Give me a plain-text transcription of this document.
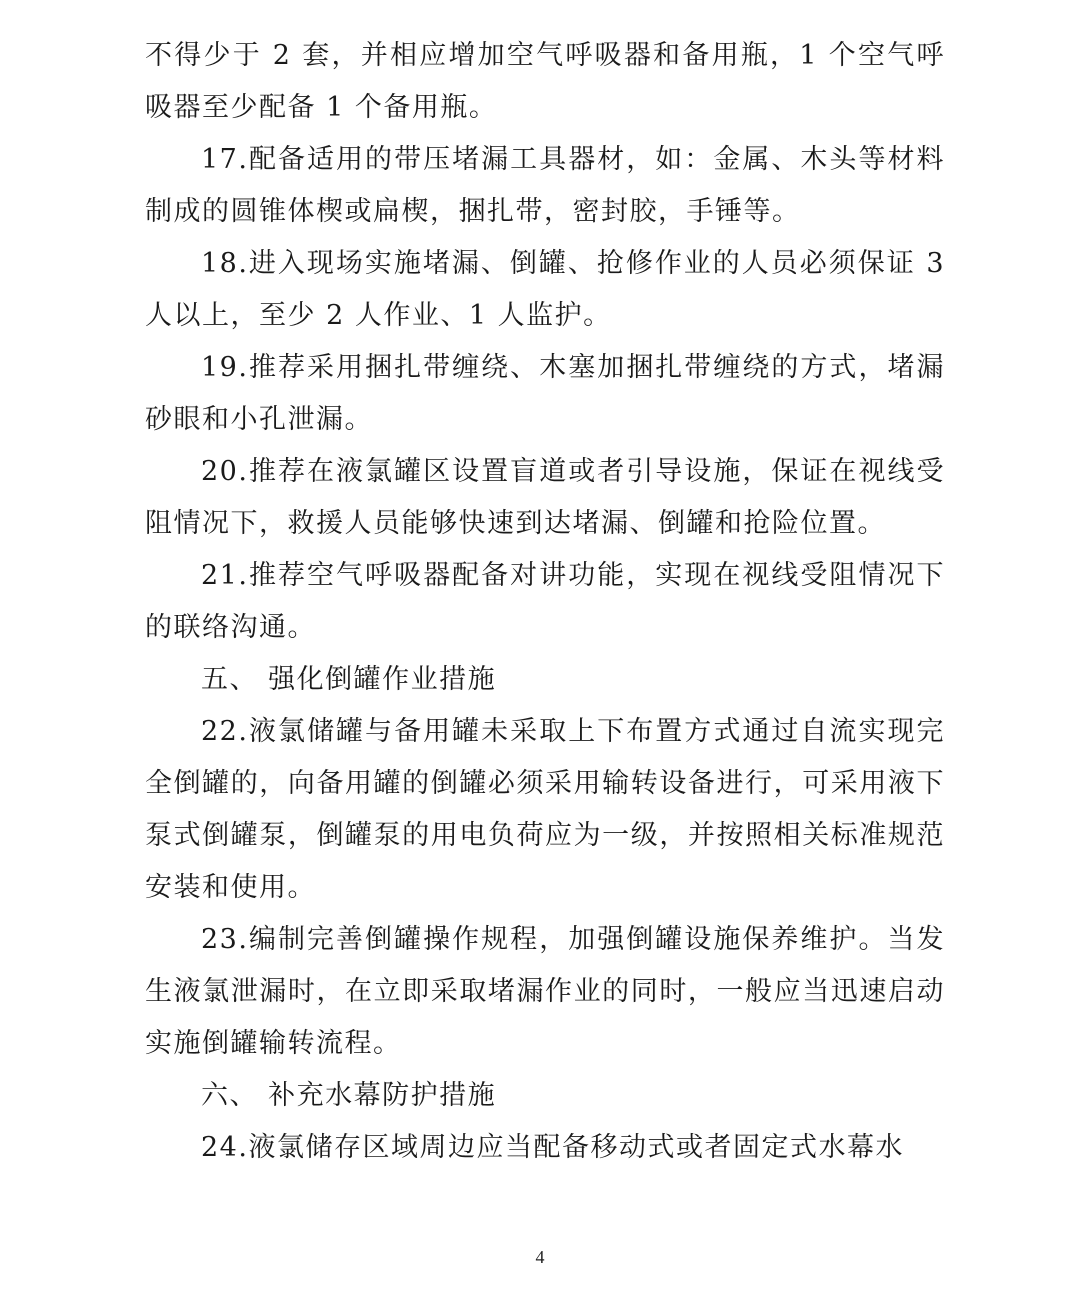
不得少于 2 套，并相应增加空气呼吸器和备用瓶，1 个空气呼吸器至少配备 1 个备用瓶。

17.配备适用的带压堵漏工具器材，如：金属、木头等材料制成的圆锥体楔或扁楔，捆扎带，密封胶，手锤等。

18.进入现场实施堵漏、倒罐、抢修作业的人员必须保证 3 人以上，至少 2 人作业、1 人监护。

19.推荐采用捆扎带缠绕、木塞加捆扎带缠绕的方式，堵漏砂眼和小孔泄漏。

20.推荐在液氯罐区设置盲道或者引导设施，保证在视线受阻情况下，救援人员能够快速到达堵漏、倒罐和抢险位置。

21.推荐空气呼吸器配备对讲功能，实现在视线受阻情况下的联络沟通。

五、 强化倒罐作业措施

22.液氯储罐与备用罐未采取上下布置方式通过自流实现完全倒罐的，向备用罐的倒罐必须采用输转设备进行，可采用液下泵式倒罐泵，倒罐泵的用电负荷应为一级，并按照相关标准规范安装和使用。

23.编制完善倒罐操作规程，加强倒罐设施保养维护。当发生液氯泄漏时，在立即采取堵漏作业的同时，一般应当迅速启动实施倒罐输转流程。

六、 补充水幕防护措施

24.液氯储存区域周边应当配备移动式或者固定式水幕水

4
